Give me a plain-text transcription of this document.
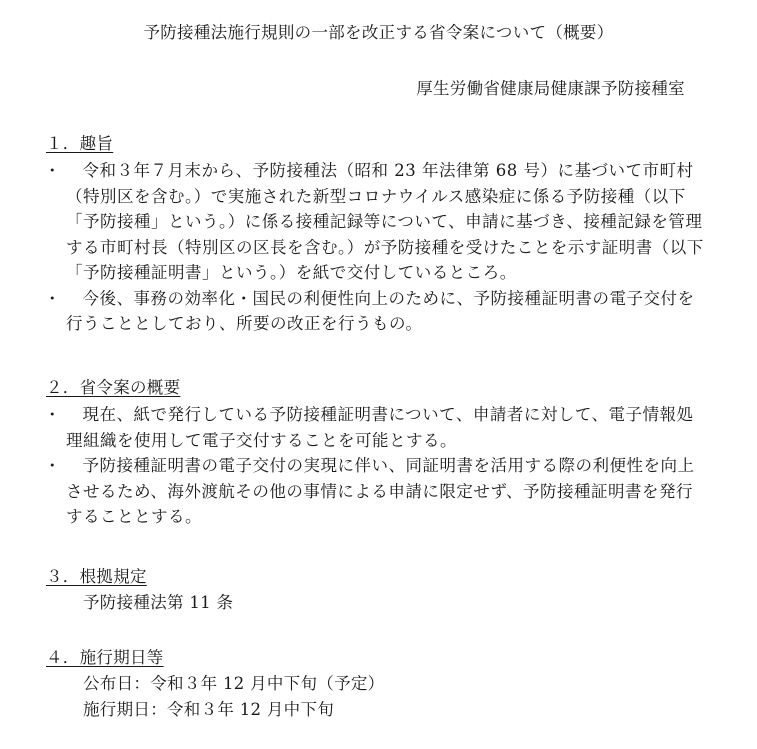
予防接種法施行規則の一部を改正する省令案について（概要）
厚生労働省健康局健康課予防接種室
１．趣旨
・	令和３年７月末から、予防接種法（昭和 23 年法律第 68 号）に基づいて市町村（特別区を含む。）で実施された新型コロナウイルス感染症に係る予防接種（以下「予防接種」という。）に係る接種記録等について、申請に基づき、接種記録を管理する市町村長（特別区の区長を含む。）が予防接種を受けたことを示す証明書（以下「予防接種証明書」という。）を紙で交付しているところ。
・	今後、事務の効率化・国民の利便性向上のために、予防接種証明書の電子交付を行うこととしており、所要の改正を行うもの。
２．省令案の概要
・	現在、紙で発行している予防接種証明書について、申請者に対して、電子情報処理組織を使用して電子交付することを可能とする。
・	予防接種証明書の電子交付の実現に伴い、同証明書を活用する際の利便性を向上させるため、海外渡航その他の事情による申請に限定せず、予防接種証明書を発行することとする。
３．根拠規定
予防接種法第 11 条
４．施行期日等
公布日：令和３年 12 月中下旬（予定）
施行期日：令和３年 12 月中下旬
